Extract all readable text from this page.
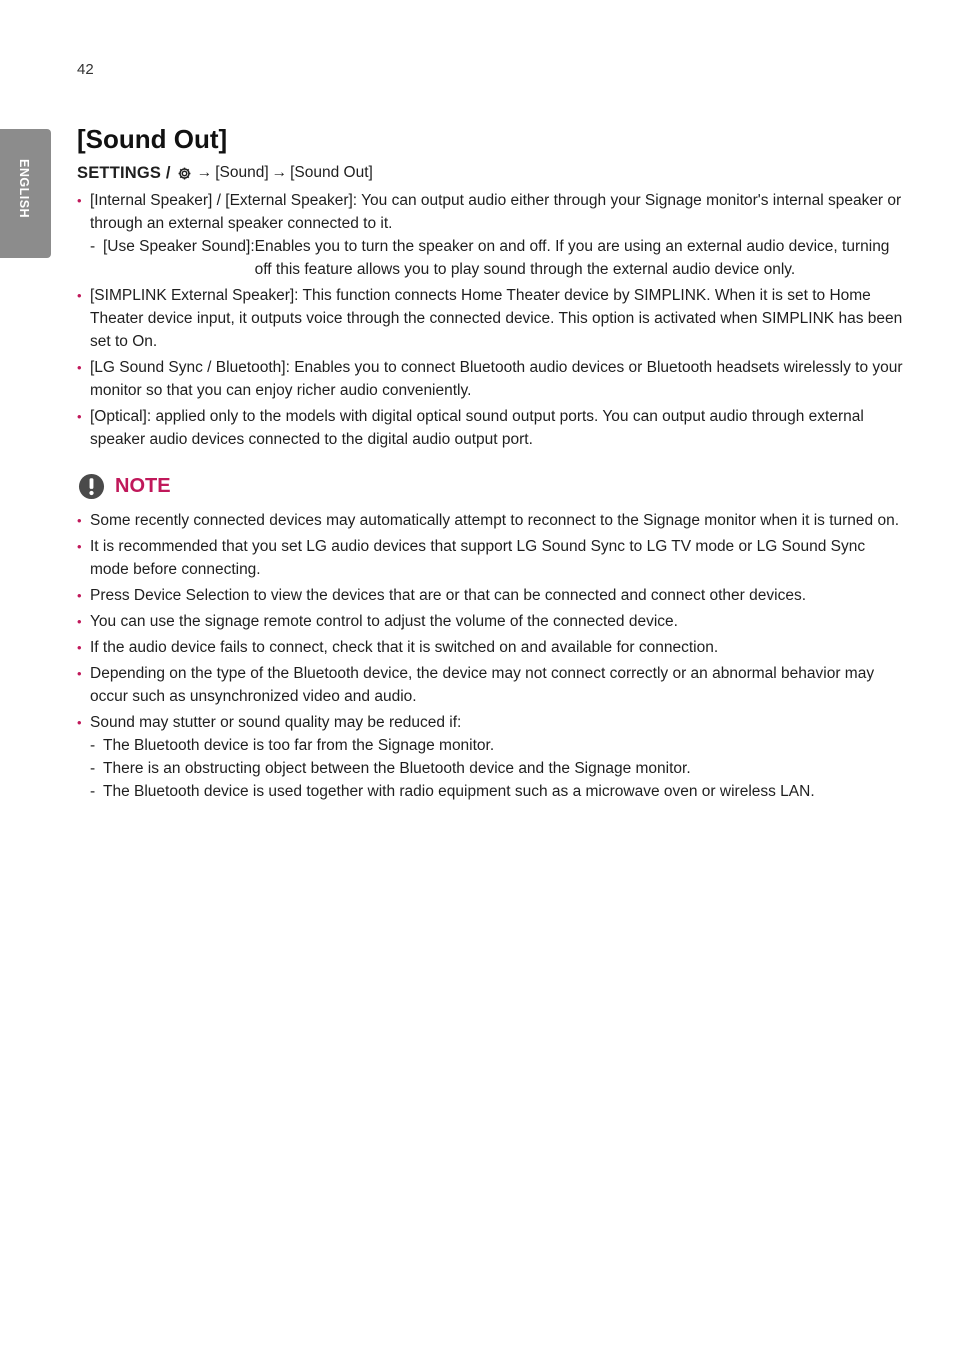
42
ENGLISH
[Sound Out]
SETTINGS / → [Sound] → [Sound Out]
• [Internal Speaker] / [External Speaker]: You can output audio either through your Signage monitor's internal speaker or through an external speaker connected to it.
- [Use Speaker Sound]: Enables you to turn the speaker on and off. If you are using an external audio device, turning off this feature allows you to play sound through the external audio device only.
• [SIMPLINK External Speaker]: This function connects Home Theater device by SIMPLINK. When it is set to Home Theater device input, it outputs voice through the connected device. This option is activated when SIMPLINK has been set to On.
• [LG Sound Sync / Bluetooth]: Enables you to connect Bluetooth audio devices or Bluetooth headsets wirelessly to your monitor so that you can enjoy richer audio conveniently.
• [Optical]: applied only to the models with digital optical sound output ports. You can output audio through external speaker audio devices connected to the digital audio output port.
NOTE
• Some recently connected devices may automatically attempt to reconnect to the Signage monitor when it is turned on.
• It is recommended that you set LG audio devices that support LG Sound Sync to LG TV mode or LG Sound Sync mode before connecting.
• Press Device Selection to view the devices that are or that can be connected and connect other devices.
• You can use the signage remote control to adjust the volume of the connected device.
• If the audio device fails to connect, check that it is switched on and available for connection.
• Depending on the type of the Bluetooth device, the device may not connect correctly or an abnormal behavior may occur such as unsynchronized video and audio.
• Sound may stutter or sound quality may be reduced if:
- The Bluetooth device is too far from the Signage monitor.
- There is an obstructing object between the Bluetooth device and the Signage monitor.
- The Bluetooth device is used together with radio equipment such as a microwave oven or wireless LAN.
